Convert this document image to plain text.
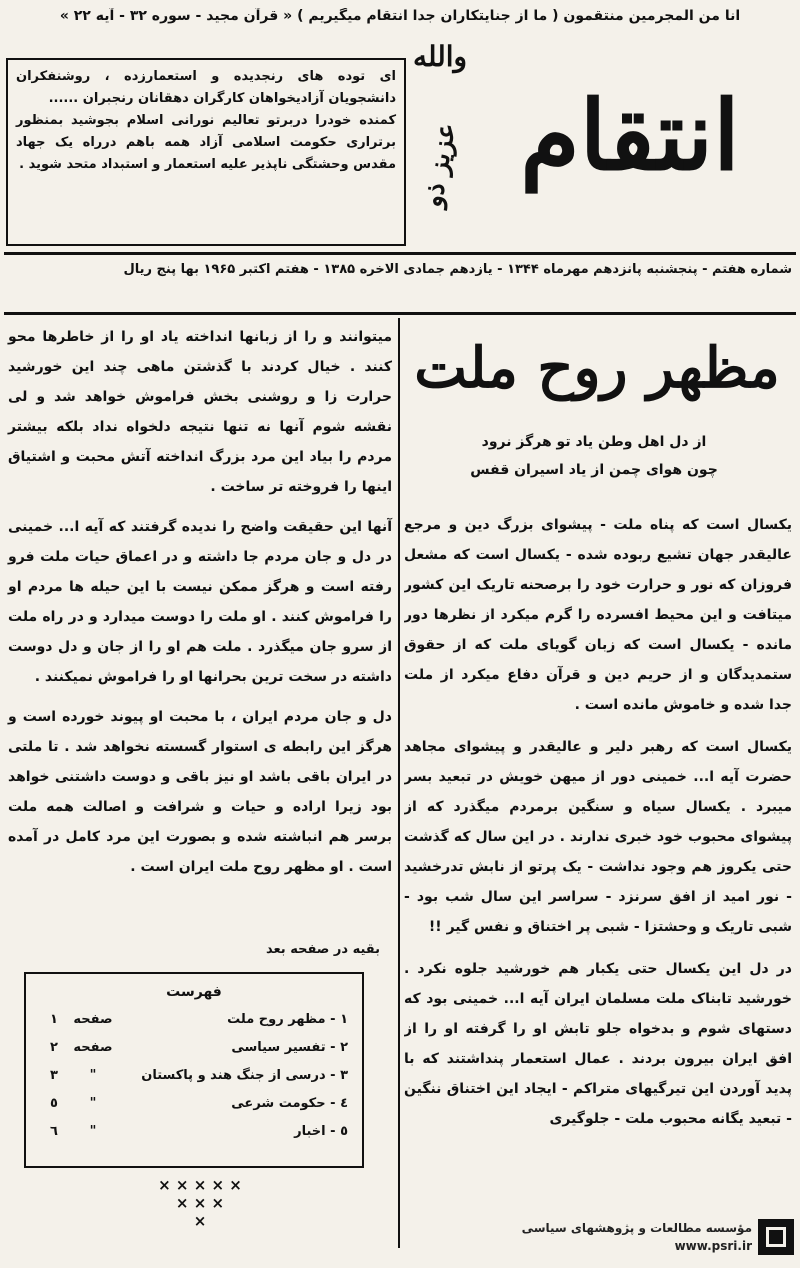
انا من المجرمین منتقمون ( ما از جنایتکاران جدا انتقام میگیریم ) « قرآن مجید - سوره ۳۲ - آیه ۲۲ »

ای توده های رنجدیده و استعمارزده ، روشنفکران دانشجویان آزادیخواهان کارگران دهقانان رنجبران ......

کمنده خودرا دربرتو تعالیم نورانی اسلام بجوشید بمنظور برتراری حکومت اسلامی آزاد همه باهم درراه یک جهاد مقدس وحشتگی ناپذیر علیه استعمار و استبداد متحد شوید .

والله
عزیز ذو انتقام
شماره هفتم - پنجشنبه پانزدهم مهرماه ۱۳۴۴ - یازدهم جمادی الاخره ۱۳۸۵ - هفتم اکتبر ۱۹۶۵ بها پنج ریال

میتوانند و را از زبانها انداخته یاد او را از خاطرها محو کنند . خیال کردند با گذشتن ماهی چند این خورشید حرارت زا و روشنی بخش فراموش خواهد شد و لی نقشه شوم آنها نه تنها نتیجه دلخواه نداد بلکه بیشتر مردم را بیاد این مرد بزرگ انداخته آتش محبت و اشتیاق اینها را فروخته تر ساخت .

آنها این حقیقت واضح را ندیده گرفتند که آیه ا... خمینی در دل و جان مردم جا داشته و در اعماق حیات ملت فرو رفته است و هرگز ممکن نیست با این حیله ها مردم او را فراموش کنند . او ملت را دوست میدارد و در راه ملت از سرو جان میگذرد . ملت هم او را از جان و دل دوست داشته در سخت ترین بحرانها او را فراموش نمیکنند .

دل و جان مردم ایران ، با محبت او پیوند خورده است و هرگز این رابطه ی استوار گسسته نخواهد شد . تا ملتی در ایران باقی باشد او نیز باقی و دوست داشتنی خواهد بود زیرا اراده و حیات و شرافت و اصالت همه ملت برسر هم انباشته شده و بصورت این مرد کامل در آمده است . او مظهر روح ملت ایران است .

بقیه در صفحه بعد
فهرست
۱ - مظهر روح ملت
صفحه
۱
۲ - تفسیر سیاسی
صفحه
۲
۳ - درسی از جنگ هند و پاکستان
"
۳
٤ - حکومت شرعی
"
٥
٥ - اخبار
"
٦
× × × × ×
× × ×
×
مظهر روح ملت

از دل اهل وطن یاد تو هرگز نرود

چون هوای چمن از یاد اسیران قفس

یکسال است که پناه ملت - پیشوای بزرگ دین و مرجع عالیقدر جهان تشیع ربوده شده - یکسال است که مشعل فروزان که نور و حرارت خود را برصحنه تاریک این کشور میتافت و این محیط افسرده را گرم میکرد از نظرها دور مانده - یکسال است که زبان گویای ملت که از حقوق ستمدیدگان و از حریم دین و قرآن دفاع میکرد از ملت جدا شده و خاموش مانده است .

یکسال است که رهبر دلیر و عالیقدر و پیشوای مجاهد حضرت آیه ا... خمینی دور از میهن خویش در تبعید بسر میبرد . یکسال سیاه و سنگین برمردم میگذرد که از پیشوای محبوب خود خبری ندارند . در این سال که گذشت حتی یکروز هم وجود نداشت - یک پرتو از نابش تدرخشید - نور امید از افق سرنزد - سراسر این سال شب بود - شبی تاریک و وحشتزا - شبی پر اختناق و نفس گیر !!

در دل این یکسال حتی یکبار هم خورشید جلوه نکرد . خورشید تابناک ملت مسلمان ایران آیه ا... خمینی بود که دستهای شوم و بدخواه جلو تابش او را گرفته او را از افق ایران بیرون بردند . عمال استعمار پنداشتند که با پدید آوردن این تیرگیهای متراکم - ایجاد این اختناق ننگین - تبعید یگانه محبوب ملت - جلوگیری

مؤسسه مطالعات و پژوهشهای سیاسی
www.psri.ir
